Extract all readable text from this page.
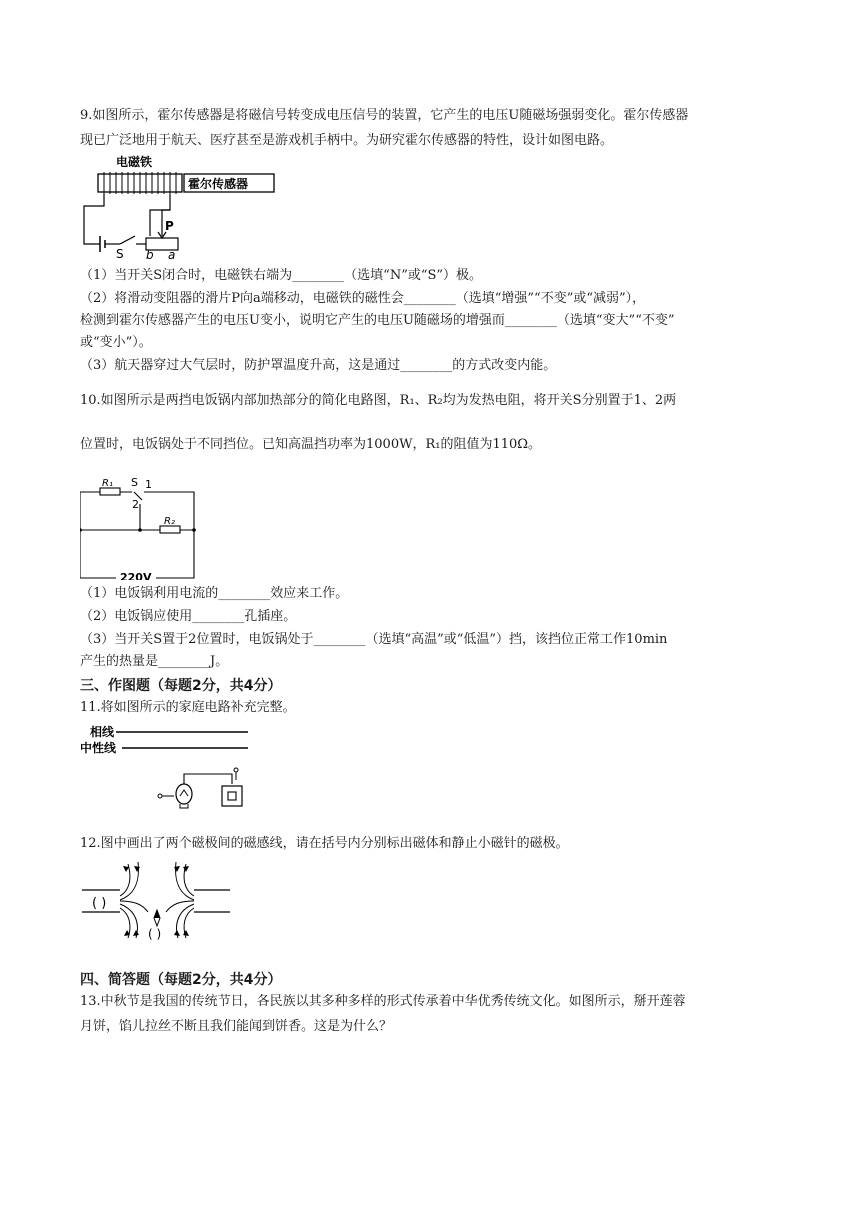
9.如图所示，霍尔传感器是将磁信号转变成电压信号的装置，它产生的电压U随磁场强弱变化。霍尔传感器
现已广泛地用于航天、医疗甚至是游戏机手柄中。为研究霍尔传感器的特性，设计如图电路。
电磁铁
霍尔传感器
S
P
b a
（1）当开关S闭合时，电磁铁右端为________（选填“N”或“S”）极。
（2）将滑动变阻器的滑片P向a端移动，电磁铁的磁性会________（选填“增强”“不变”或“减弱”），
检测到霍尔传感器产生的电压U变小，说明它产生的电压U随磁场的增强而________（选填“变大”“不变”
或“变小”）。
（3）航天器穿过大气层时，防护罩温度升高，这是通过________的方式改变内能。
10.如图所示是两挡电饭锅内部加热部分的简化电路图，R₁、R₂均为发热电阻，将开关S分别置于1、2两
位置时，电饭锅处于不同挡位。已知高温挡功率为1000W，R₁的阻值为110Ω。
R₁ S 1
2
R₂
220V
（1）电饭锅利用电流的________效应来工作。
（2）电饭锅应使用________孔插座。
（3）当开关S置于2位置时，电饭锅处于________（选填“高温”或“低温”）挡，该挡位正常工作10min
产生的热量是________J。
三、作图题（每题2分，共4分）
11.将如图所示的家庭电路补充完整。
相线
中性线
12.图中画出了两个磁极间的磁感线，请在括号内分别标出磁体和静止小磁针的磁极。
( )
( )
四、简答题（每题2分，共4分）
13.中秋节是我国的传统节日，各民族以其多种多样的形式传承着中华优秀传统文化。如图所示，掰开莲蓉
月饼，馅儿拉丝不断且我们能闻到饼香。这是为什么？
